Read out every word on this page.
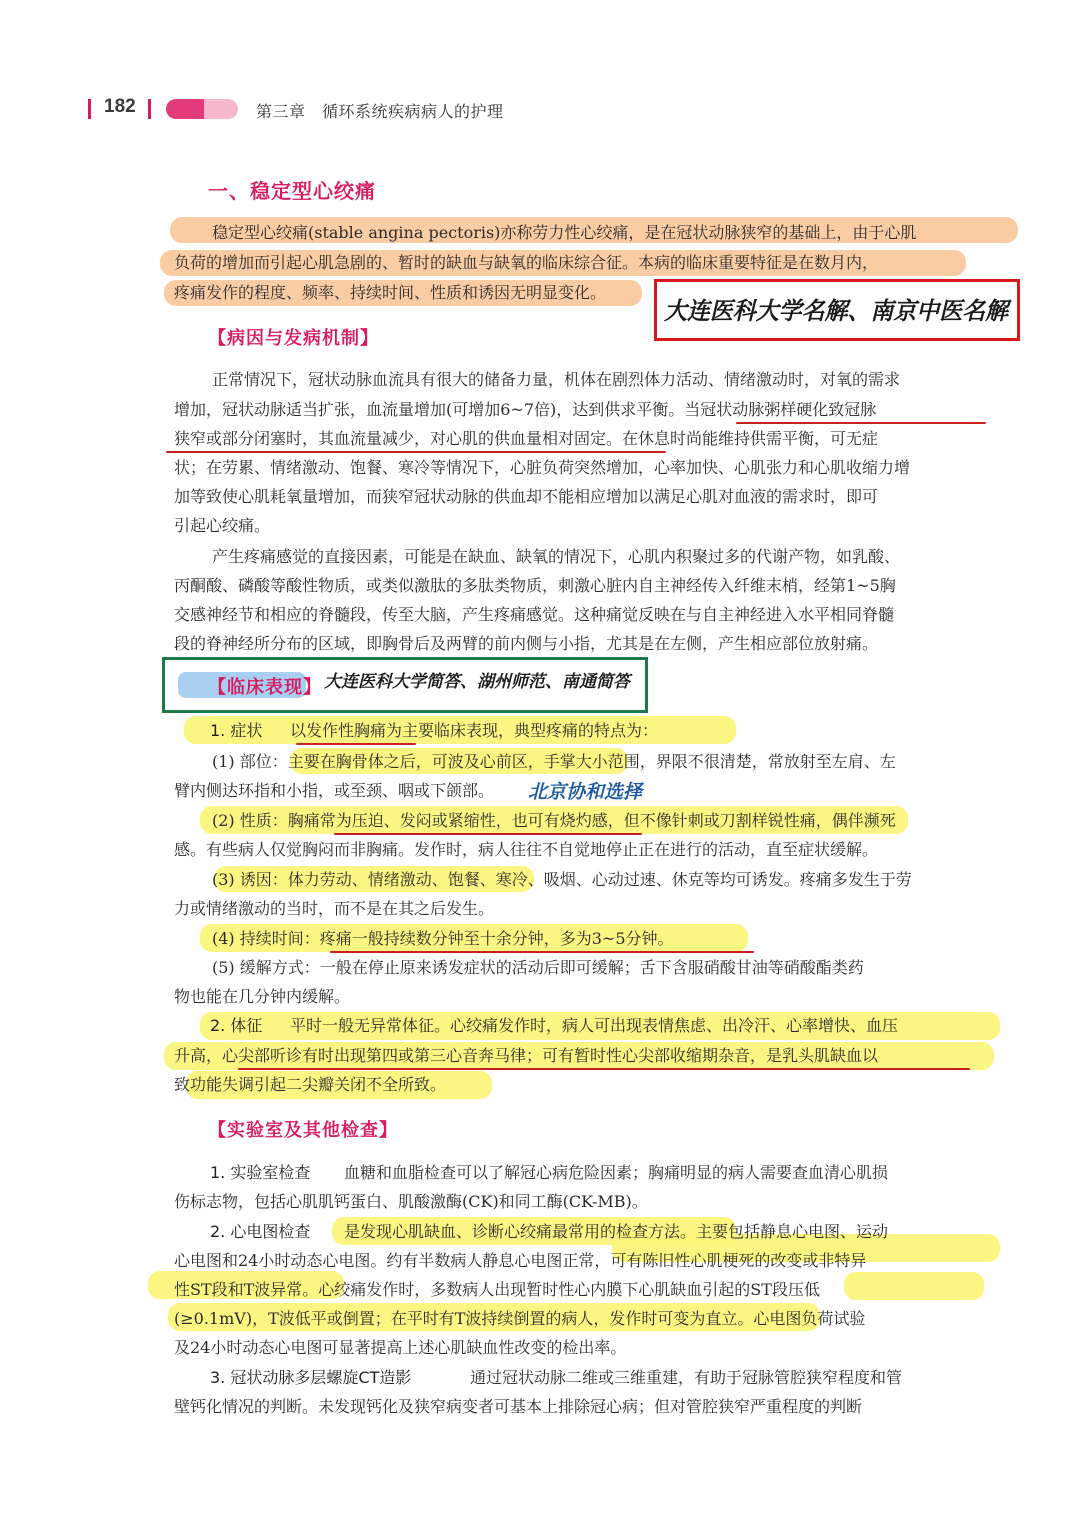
182	第三章　循环系统疾病病人的护理
一、稳定型心绞痛
稳定型心绞痛(stable angina pectoris)亦称劳力性心绞痛，是在冠状动脉狭窄的基础上，由于心肌
负荷的增加而引起心肌急剧的、暂时的缺血与缺氧的临床综合征。本病的临床重要特征是在数月内，
疼痛发作的程度、频率、持续时间、性质和诱因无明显变化。
大连医科大学名解、南京中医名解
【病因与发病机制】
正常情况下，冠状动脉血流具有很大的储备力量，机体在剧烈体力活动、情绪激动时，对氧的需求
增加，冠状动脉适当扩张，血流量增加(可增加6~7倍)，达到供求平衡。当冠状动脉粥样硬化致冠脉
狭窄或部分闭塞时，其血流量减少，对心肌的供血量相对固定。在休息时尚能维持供需平衡，可无症
状；在劳累、情绪激动、饱餐、寒冷等情况下，心脏负荷突然增加，心率加快、心肌张力和心肌收缩力增
加等致使心肌耗氧量增加，而狭窄冠状动脉的供血却不能相应增加以满足心肌对血液的需求时，即可
引起心绞痛。
产生疼痛感觉的直接因素，可能是在缺血、缺氧的情况下，心肌内积聚过多的代谢产物，如乳酸、
丙酮酸、磷酸等酸性物质，或类似激肽的多肽类物质，刺激心脏内自主神经传入纤维末梢，经第1~5胸
交感神经节和相应的脊髓段，传至大脑，产生疼痛感觉。这种痛觉反映在与自主神经进入水平相同脊髓
段的脊神经所分布的区域，即胸骨后及两臂的前内侧与小指，尤其是在左侧，产生相应部位放射痛。
【临床表现】 大连医科大学简答、湖州师范、南通简答
1. 症状 以发作性胸痛为主要临床表现，典型疼痛的特点为：
(1) 部位：主要在胸骨体之后，可波及心前区，手掌大小范围，界限不很清楚，常放射至左肩、左
臂内侧达环指和小指，或至颈、咽或下颌部。 北京协和选择
(2) 性质：胸痛常为压迫、发闷或紧缩性，也可有烧灼感，但不像针刺或刀割样锐性痛，偶伴濒死
感。有些病人仅觉胸闷而非胸痛。发作时，病人往往不自觉地停止正在进行的活动，直至症状缓解。
(3) 诱因：体力劳动、情绪激动、饱餐、寒冷、吸烟、心动过速、休克等均可诱发。疼痛多发生于劳
力或情绪激动的当时，而不是在其之后发生。
(4) 持续时间：疼痛一般持续数分钟至十余分钟，多为3~5分钟。
(5) 缓解方式：一般在停止原来诱发症状的活动后即可缓解；舌下含服硝酸甘油等硝酸酯类药
物也能在几分钟内缓解。
2. 体征 平时一般无异常体征。心绞痛发作时，病人可出现表情焦虑、出冷汗、心率增快、血压
升高，心尖部听诊有时出现第四或第三心音奔马律；可有暂时性心尖部收缩期杂音，是乳头肌缺血以
致功能失调引起二尖瓣关闭不全所致。
【实验室及其他检查】
1. 实验室检查 血糖和血脂检查可以了解冠心病危险因素；胸痛明显的病人需要查血清心肌损
伤标志物，包括心肌肌钙蛋白、肌酸激酶(CK)和同工酶(CK-MB)。
2. 心电图检查 是发现心肌缺血、诊断心绞痛最常用的检查方法。主要包括静息心电图、运动
心电图和24小时动态心电图。约有半数病人静息心电图正常，可有陈旧性心肌梗死的改变或非特异
性ST段和T波异常。心绞痛发作时，多数病人出现暂时性心内膜下心肌缺血引起的ST段压低
(≥0.1mV)，T波低平或倒置；在平时有T波持续倒置的病人，发作时可变为直立。心电图负荷试验
及24小时动态心电图可显著提高上述心肌缺血性改变的检出率。
3. 冠状动脉多层螺旋CT造影	通过冠状动脉二维或三维重建，有助于冠脉管腔狭窄程度和管
壁钙化情况的判断。未发现钙化及狭窄病变者可基本上排除冠心病；但对管腔狭窄严重程度的判断
